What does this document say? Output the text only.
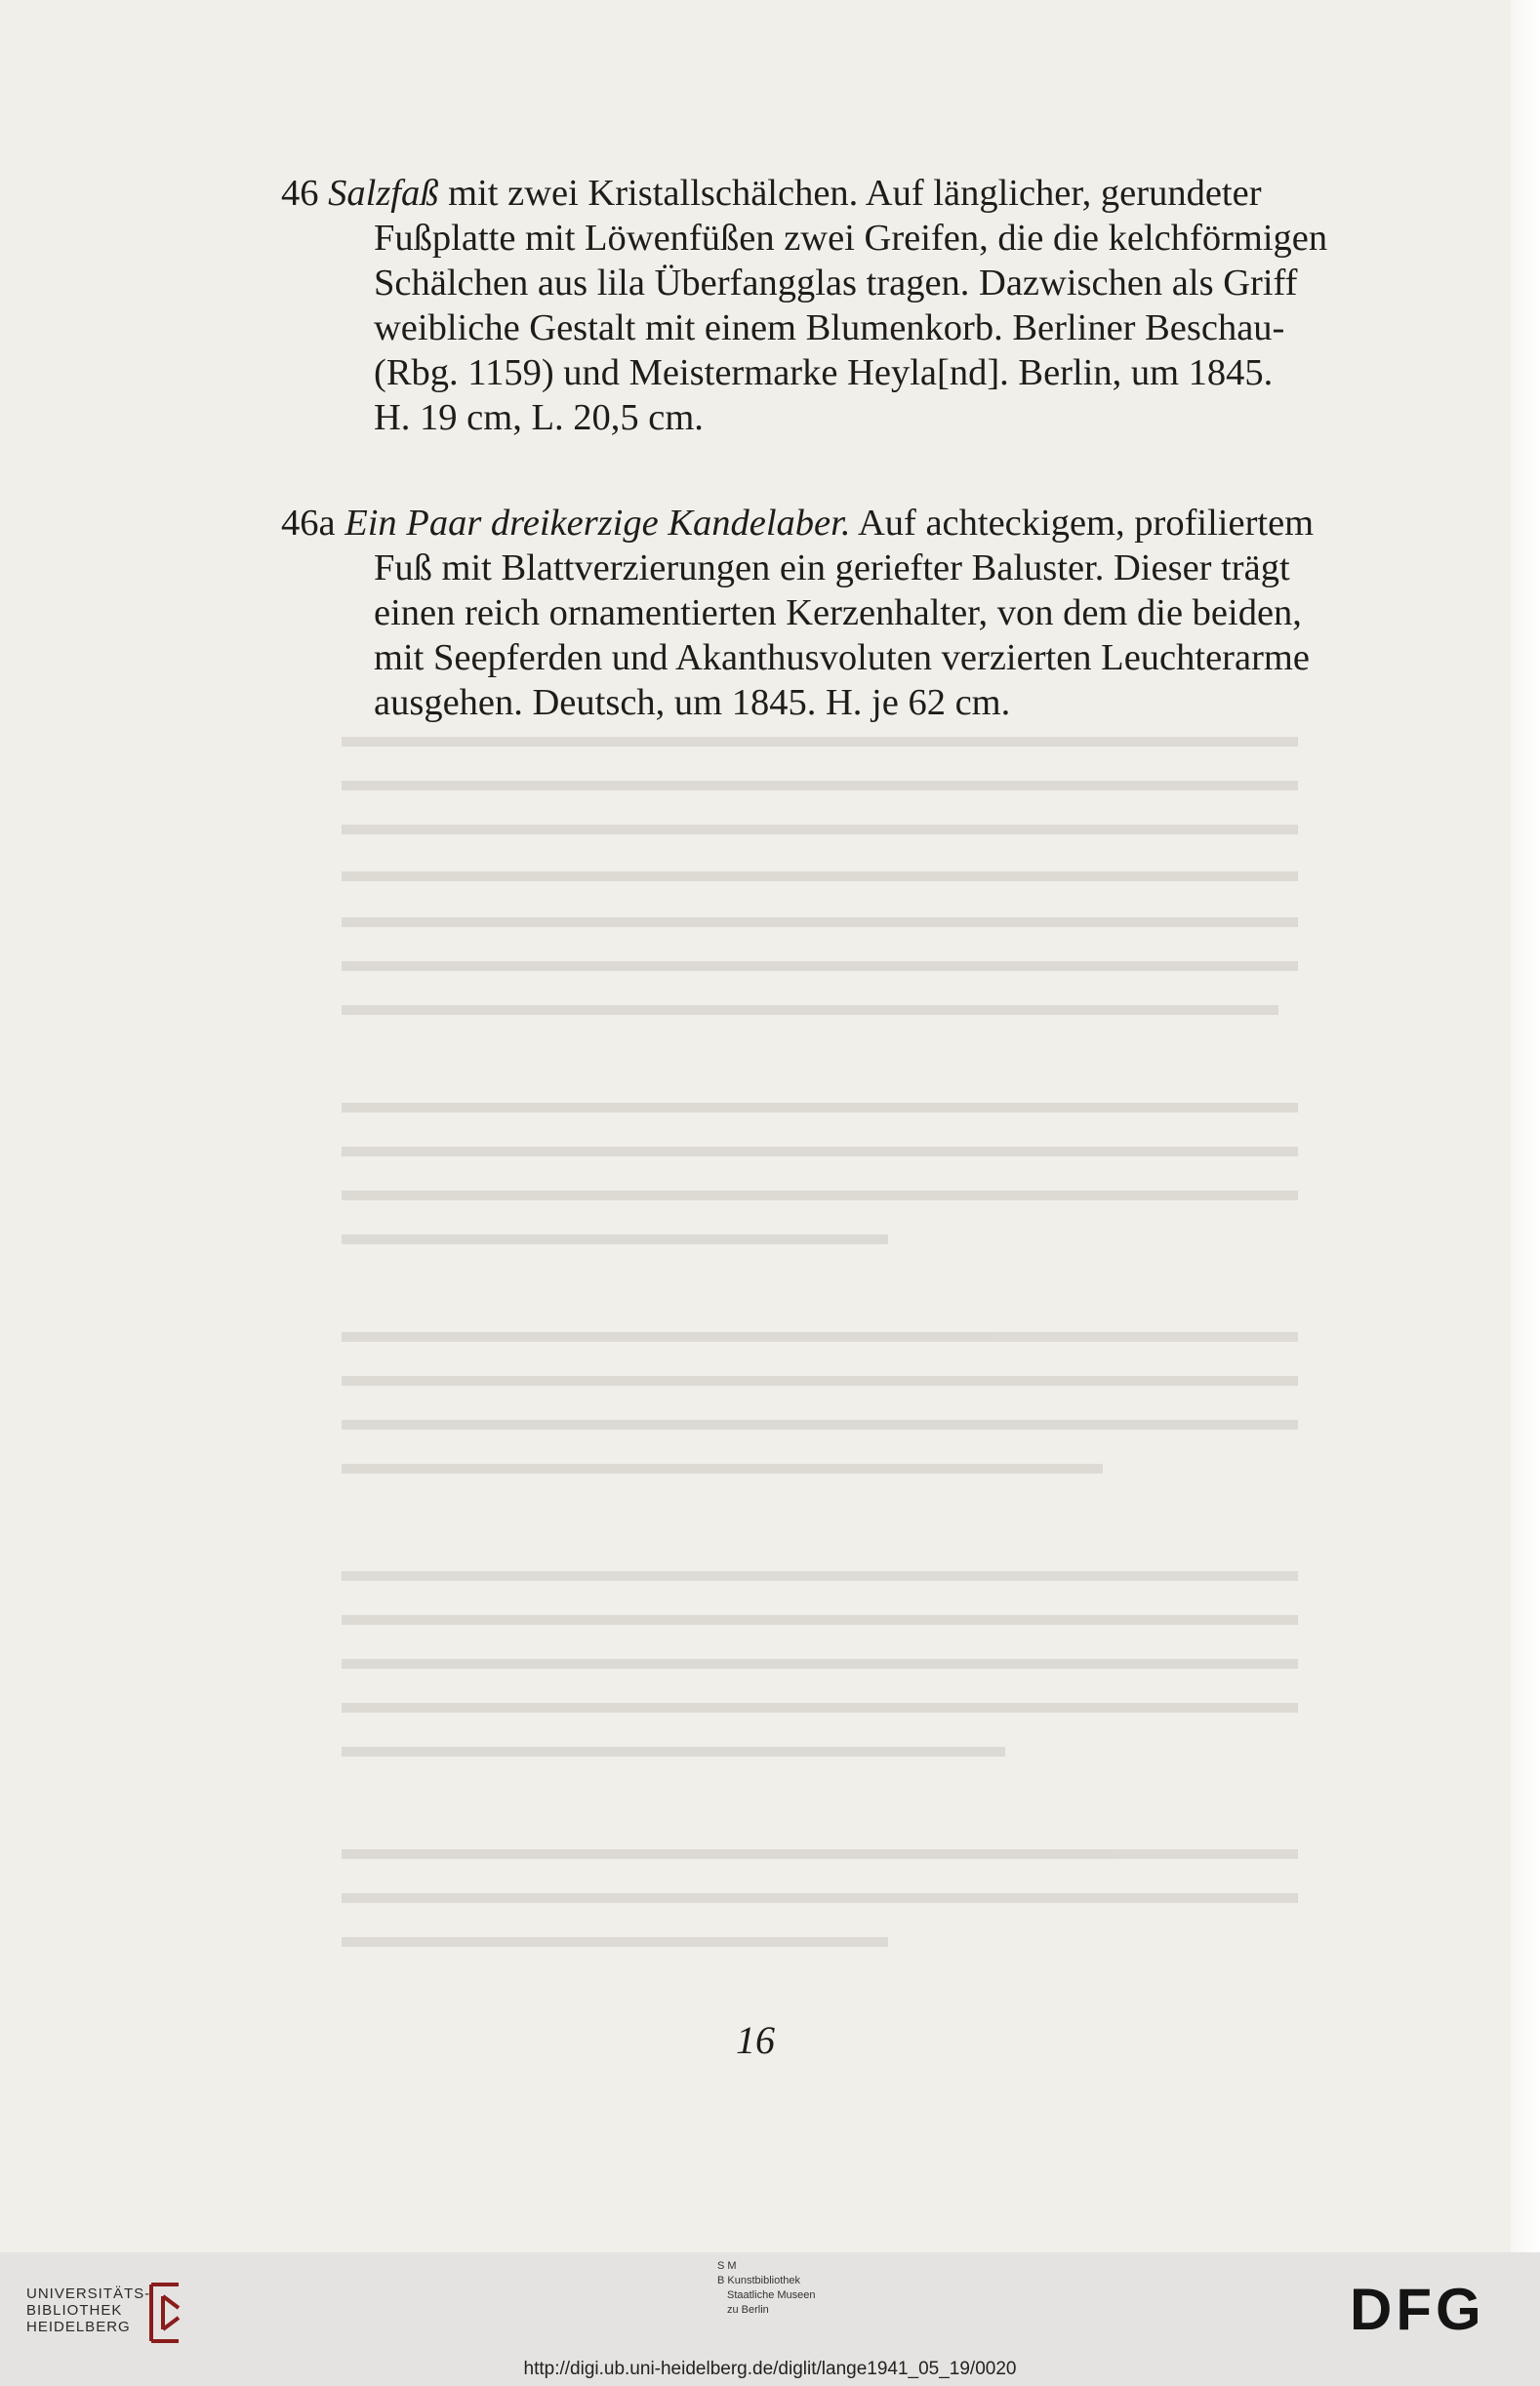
46 Salzfaß mit zwei Kristallschälchen. Auf länglicher, gerundeter
Fußplatte mit Löwenfüßen zwei Greifen, die die kelchförmigen
Schälchen aus lila Überfangglas tragen. Dazwischen als Griff
weibliche Gestalt mit einem Blumenkorb. Berliner Beschau-
(Rbg. 1159) und Meistermarke Heyla[nd]. Berlin, um 1845.
H. 19 cm, L. 20,5 cm.
46a Ein Paar dreikerzige Kandelaber. Auf achteckigem, profiliertem
Fuß mit Blattverzierungen ein geriefter Baluster. Dieser trägt
einen reich ornamentierten Kerzenhalter, von dem die beiden,
mit Seepferden und Akanthusvoluten verzierten Leuchterarme
ausgehen. Deutsch, um 1845. H. je 62 cm.
16
UNIVERSITÄTS-
BIBLIOTHEK
HEIDELBERG
S M
B Kunstbibliothek
Staatliche Museen
zu Berlin	DFG
http://digi.ub.uni-heidelberg.de/diglit/lange1941_05_19/0020
